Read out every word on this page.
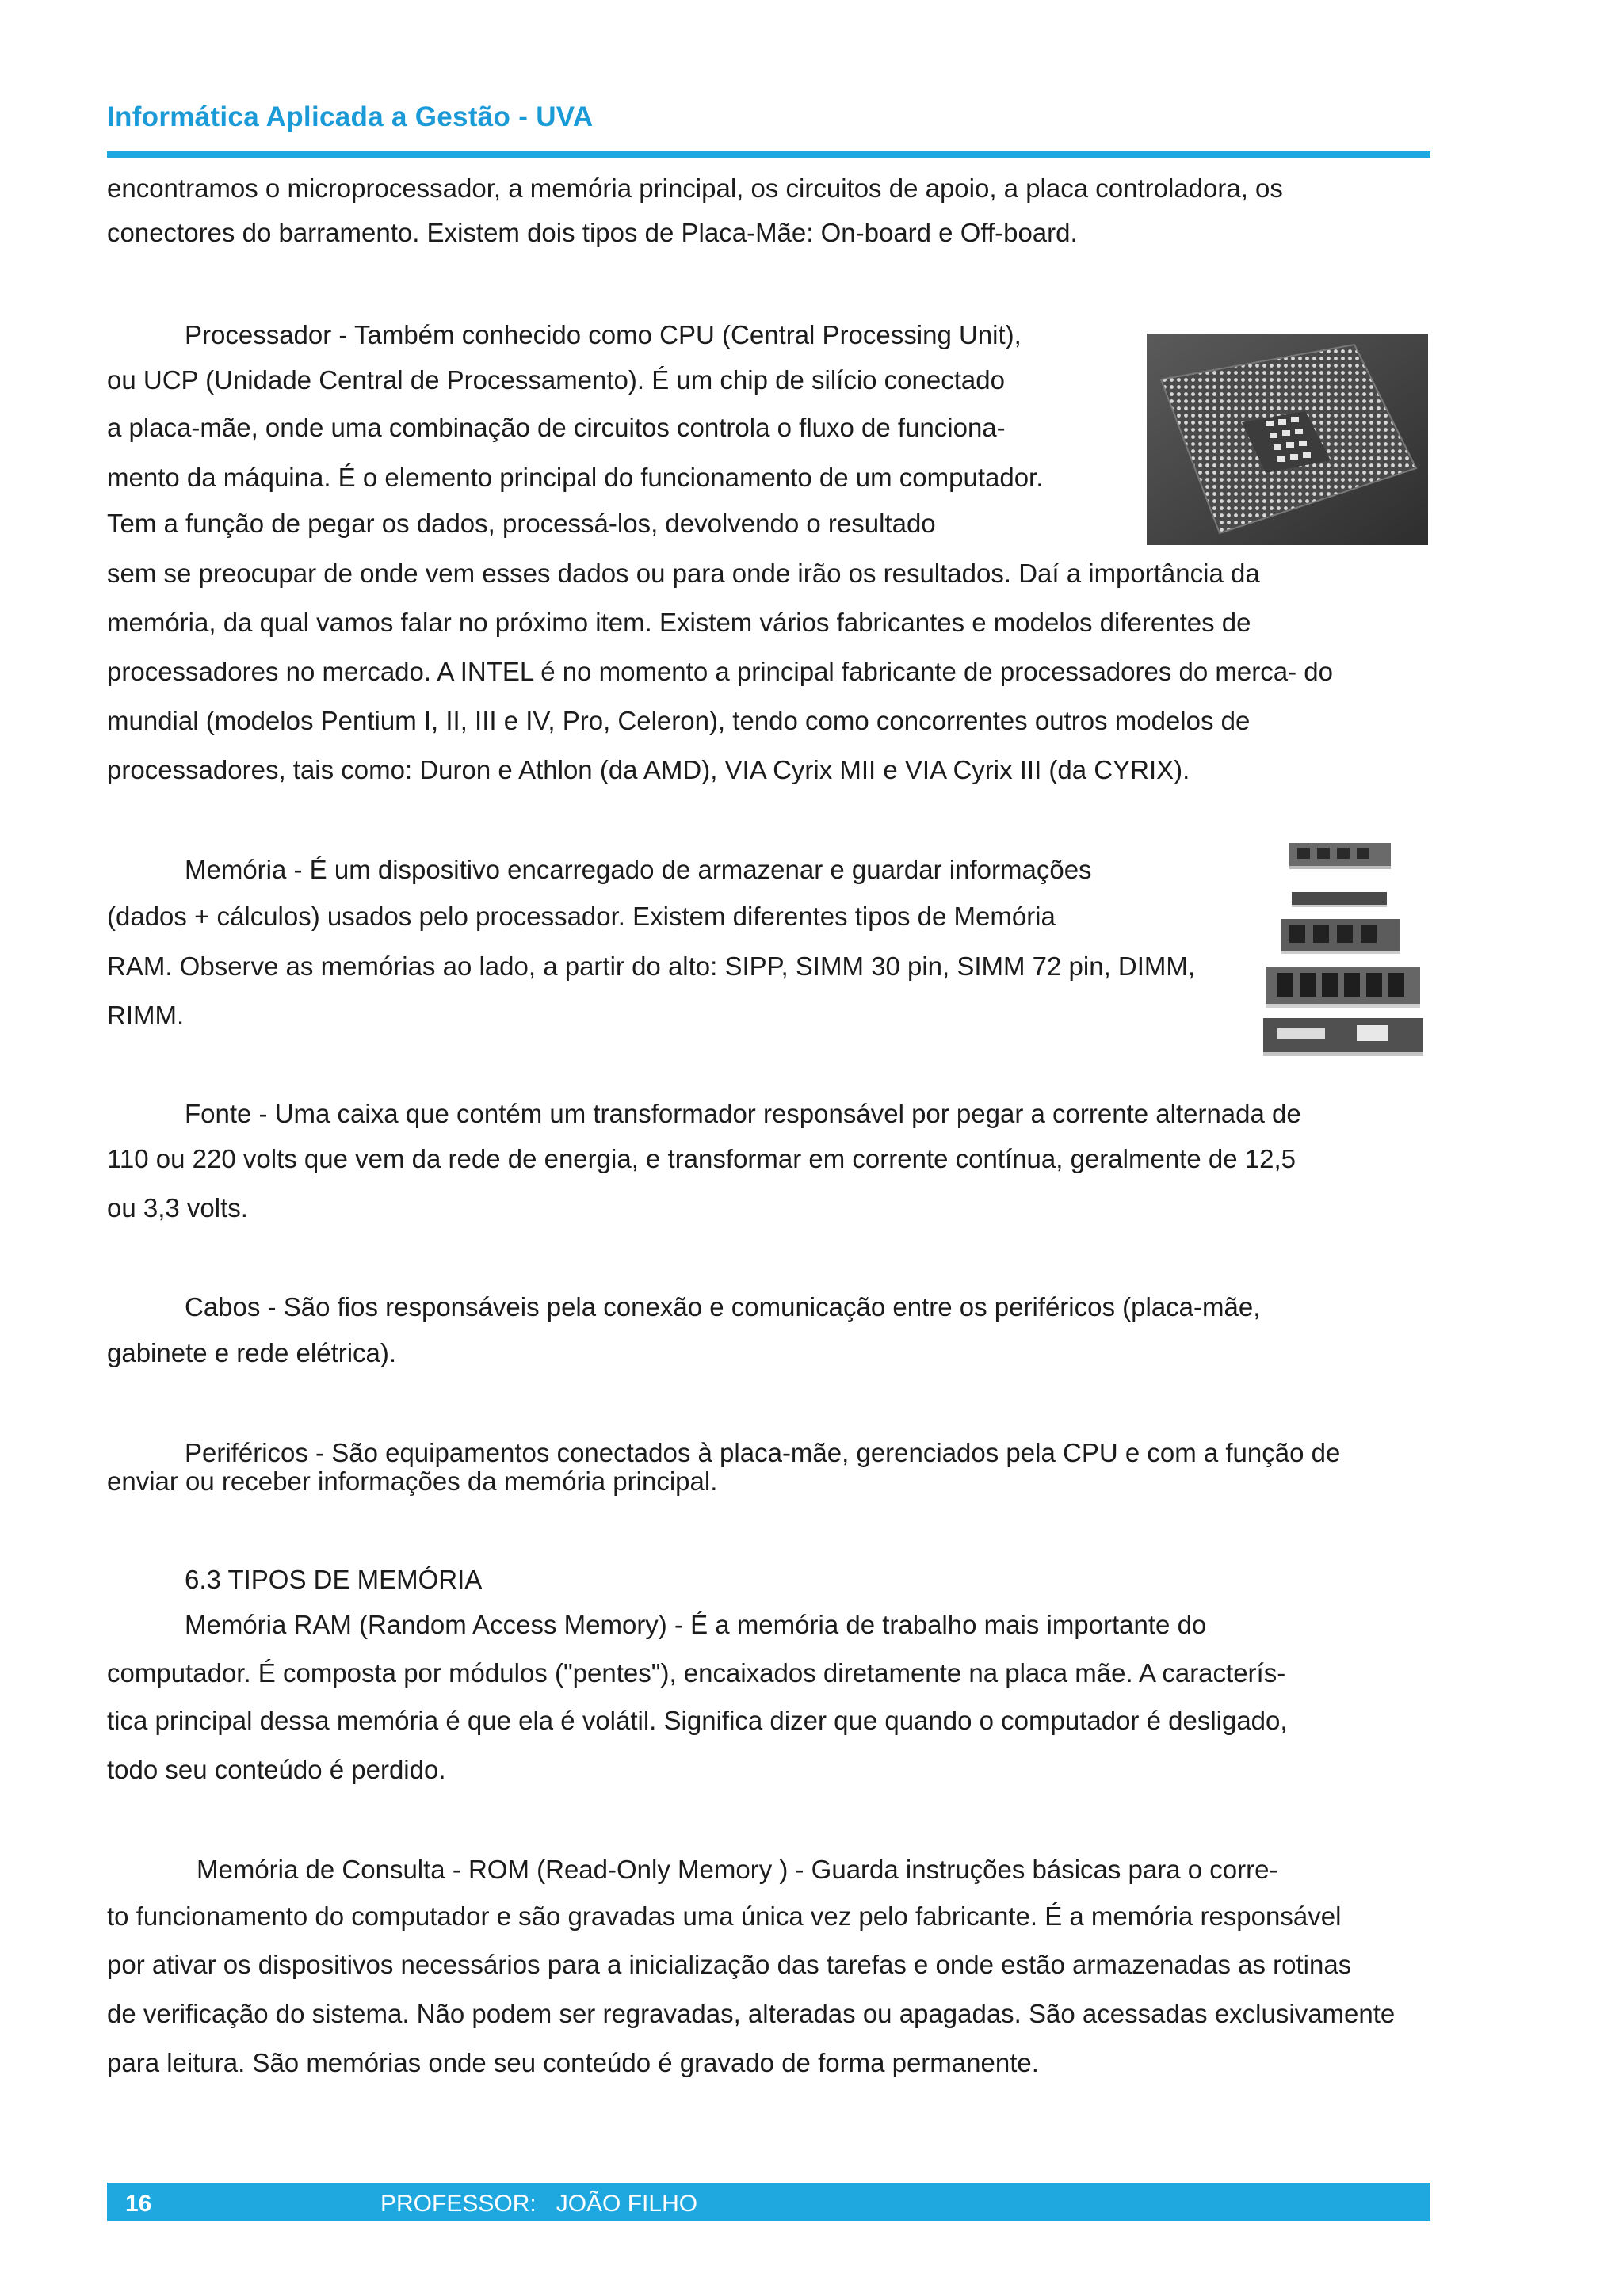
Informática Aplicada a Gestão - UVA
encontramos o microprocessador, a memória principal, os circuitos de apoio, a placa controladora, os
conectores do barramento. Existem dois tipos de Placa-Mãe: On-board e Off-board.
Processador - Também conhecido como CPU (Central Processing Unit),
ou UCP (Unidade Central de Processamento). É um chip de silício conectado
a placa-mãe, onde uma combinação de circuitos controla o fluxo de funciona-
mento da máquina. É o elemento principal do funcionamento de um computador.
Tem a função de pegar os dados, processá-los, devolvendo o resultado
sem se preocupar de onde vem esses dados ou para onde irão os resultados. Daí a importância da
memória, da qual vamos falar no próximo item. Existem vários fabricantes e modelos diferentes de
processadores no mercado. A INTEL é no momento a principal fabricante de processadores do merca- do
mundial (modelos Pentium I, II, III e IV, Pro, Celeron), tendo como concorrentes outros modelos de
processadores, tais como: Duron e Athlon (da AMD), VIA Cyrix MII e VIA Cyrix III (da CYRIX).
Memória - É um dispositivo encarregado de armazenar e guardar informações
(dados + cálculos) usados pelo processador. Existem diferentes tipos de Memória
RAM. Observe as memórias ao lado, a partir do alto: SIPP, SIMM 30 pin, SIMM 72 pin, DIMM,
RIMM.
Fonte - Uma caixa que contém um transformador responsável por pegar a corrente alternada de
110 ou 220 volts que vem da rede de energia, e transformar em corrente contínua, geralmente de 12,5
ou 3,3 volts.
Cabos - São fios responsáveis pela conexão e comunicação entre os periféricos (placa-mãe,
gabinete e rede elétrica).
Periféricos - São equipamentos conectados à placa-mãe, gerenciados pela CPU e com a função de
enviar ou receber informações da memória principal.
6.3 TIPOS DE MEMÓRIA
Memória RAM (Random Access Memory) - É a memória de trabalho mais importante do
computador. É composta por módulos ("pentes"), encaixados diretamente na placa mãe. A caracterís-
tica principal dessa memória é que ela é volátil. Significa dizer que quando o computador é desligado,
todo seu conteúdo é perdido.
Memória de Consulta - ROM (Read-Only Memory ) - Guarda instruções básicas para o corre-
to funcionamento do computador e são gravadas uma única vez pelo fabricante. É a memória responsável
por ativar os dispositivos necessários para a inicialização das tarefas e onde estão armazenadas as rotinas
de verificação do sistema. Não podem ser regravadas, alteradas ou apagadas. São acessadas exclusivamente
para leitura. São memórias onde seu conteúdo é gravado de forma permanente.
16	PROFESSOR:   JOÃO FILHO
